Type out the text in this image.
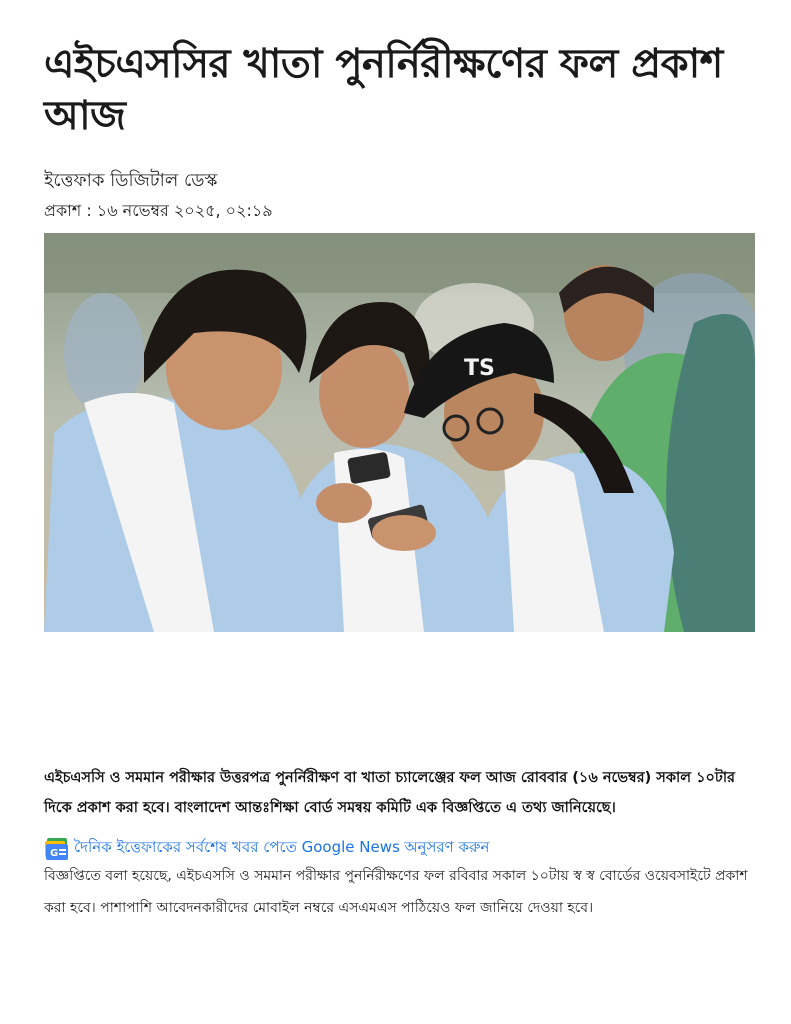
এইচএসসির খাতা পুনর্নিরীক্ষণের ফল প্রকাশ আজ
ইত্তেফাক ডিজিটাল ডেস্ক
প্রকাশ : ১৬ নভেম্বর ২০২৫, ০২:১৯
TS

এইচএসসি ও সমমান পরীক্ষার উত্তরপত্র পুনর্নিরীক্ষণ বা খাতা চ্যালেঞ্জের ফল আজ রোববার (১৬ নভেম্বর) সকাল ১০টার দিকে প্রকাশ করা হবে। বাংলাদেশ আন্তঃশিক্ষা বোর্ড সমন্বয় কমিটি এক বিজ্ঞপ্তিতে এ তথ্য জানিয়েছে।

G দৈনিক ইত্তেফাকের সর্বশেষ খবর পেতে Google News অনুসরণ করুন

বিজ্ঞপ্তিতে বলা হয়েছে, এইচএসসি ও সমমান পরীক্ষার পুনর্নিরীক্ষণের ফল রবিবার সকাল ১০টায় স্ব স্ব বোর্ডের ওয়েবসাইটে প্রকাশ করা হবে। পাশাপাশি আবেদনকারীদের মোবাইল নম্বরে এসএমএস পাঠিয়েও ফল জানিয়ে দেওয়া হবে।
